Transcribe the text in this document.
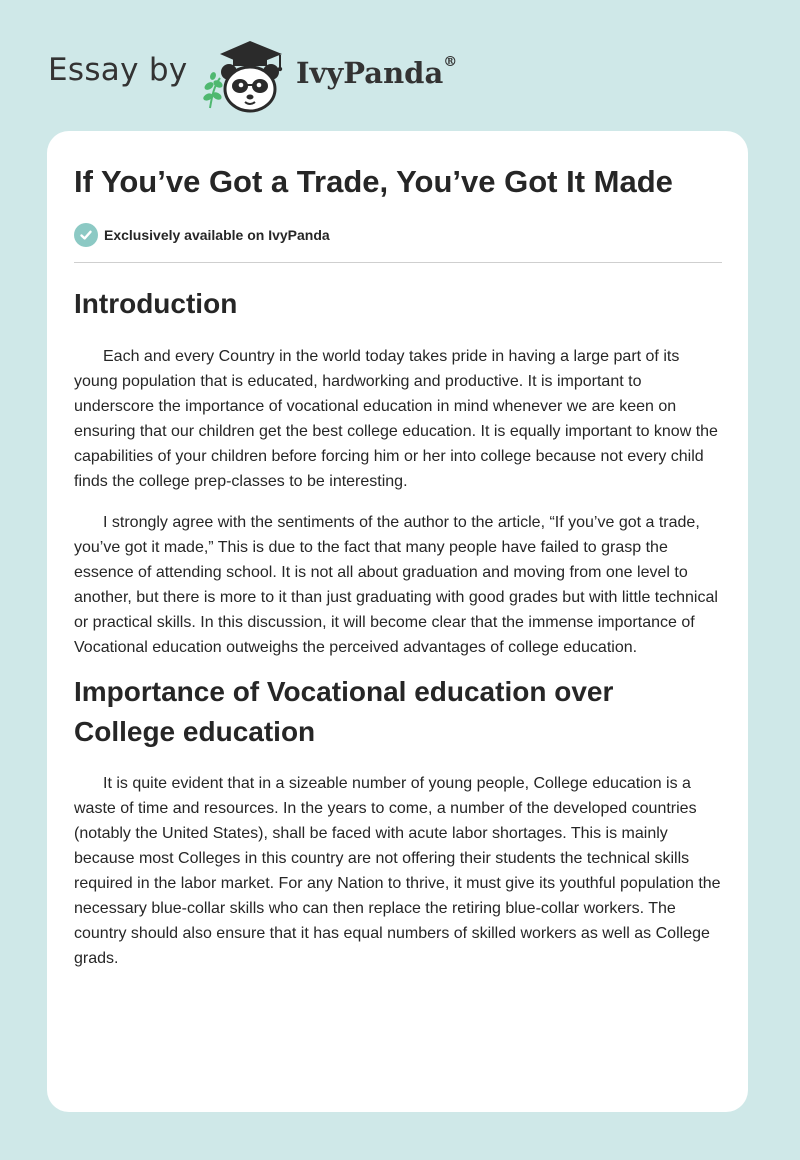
Essay by	IvyPanda®
If You’ve Got a Trade, You’ve Got It Made
Exclusively available on IvyPanda
Introduction

Each and every Country in the world today takes pride in having a large part of its young population that is educated, hardworking and productive. It is important to underscore the importance of vocational education in mind whenever we are keen on ensuring that our children get the best college education. It is equally important to know the capabilities of your children before forcing him or her into college because not every child finds the college prep-classes to be interesting.

I strongly agree with the sentiments of the author to the article, “If you’ve got a trade, you’ve got it made,” This is due to the fact that many people have failed to grasp the essence of attending school. It is not all about graduation and moving from one level to another, but there is more to it than just graduating with good grades but with little technical or practical skills. In this discussion, it will become clear that the immense importance of Vocational education outweighs the perceived advantages of college education.

Importance of Vocational education over College education

It is quite evident that in a sizeable number of young people, College education is a waste of time and resources. In the years to come, a number of the developed countries (notably the United States), shall be faced with acute labor shortages. This is mainly because most Colleges in this country are not offering their students the technical skills required in the labor market. For any Nation to thrive, it must give its youthful population the necessary blue-collar skills who can then replace the retiring blue-collar workers. The country should also ensure that it has equal numbers of skilled workers as well as College grads.
